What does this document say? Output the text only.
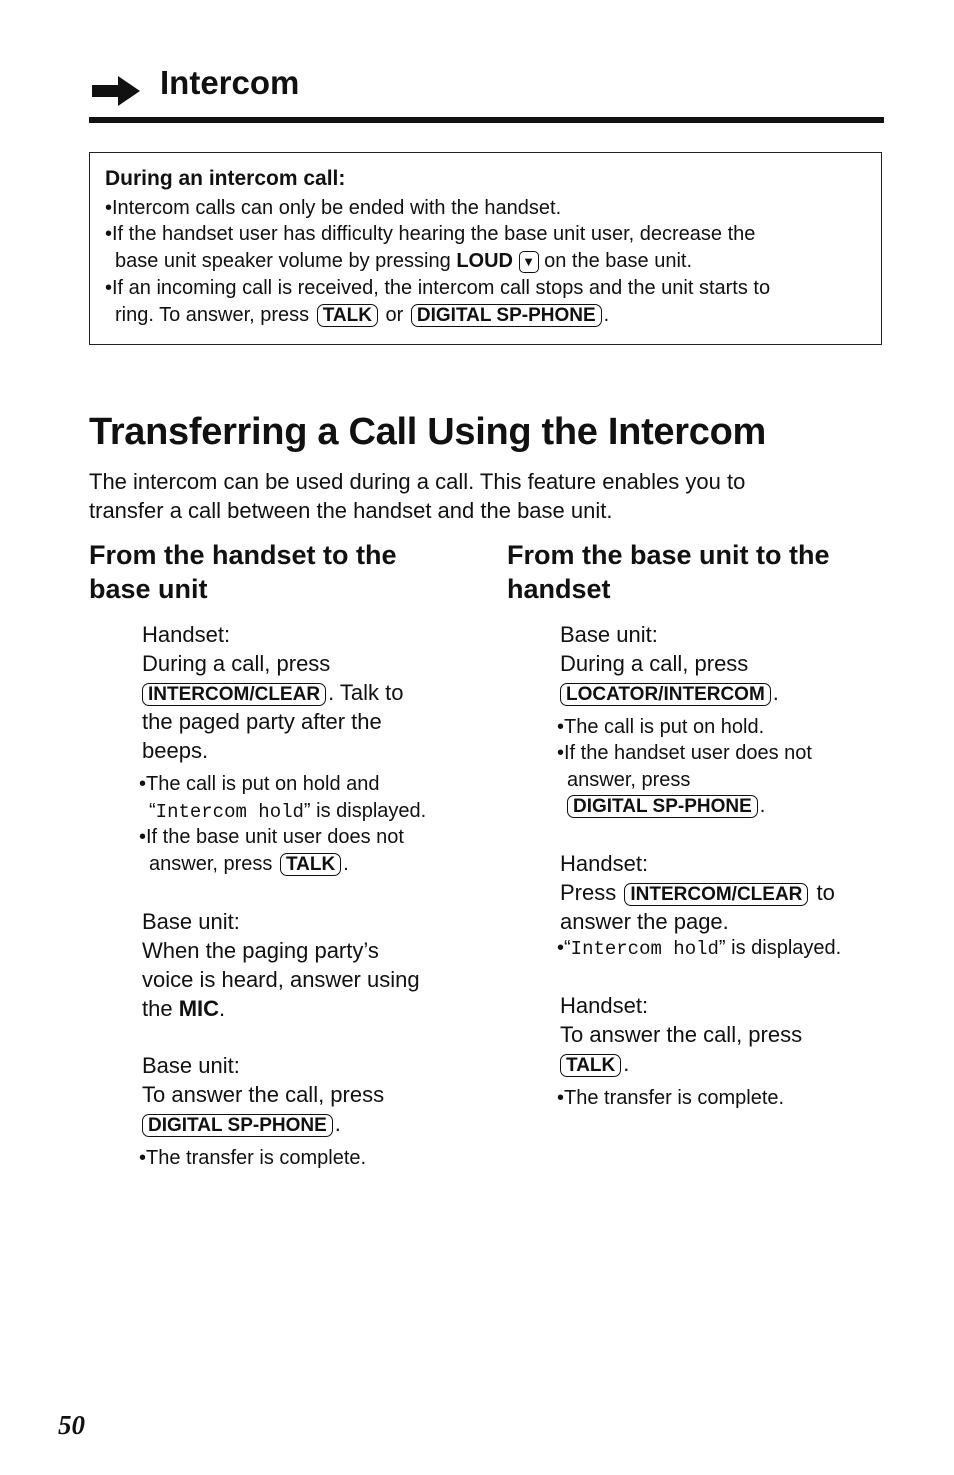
Intercom
During an intercom call:
•Intercom calls can only be ended with the handset.
•If the handset user has difficulty hearing the base unit user, decrease the
base unit speaker volume by pressing LOUD ▼ on the base unit.
•If an incoming call is received, the intercom call stops and the unit starts to
ring. To answer, press TALK or DIGITAL SP-PHONE .
Transferring a Call Using the Intercom
The intercom can be used during a call. This feature enables you to
transfer a call between the handset and the base unit.
From the handset to the
base unit
Handset:
During a call, press
INTERCOM/CLEAR . Talk to
the paged party after the
beeps.
•The call is put on hold and
“Intercom hold” is displayed.
•If the base unit user does not
answer, press TALK .
Base unit:
When the paging party’s
voice is heard, answer using
the MIC.
Base unit:
To answer the call, press
DIGITAL SP-PHONE .
•The transfer is complete.
From the base unit to the
handset
Base unit:
During a call, press
LOCATOR/INTERCOM .
•The call is put on hold.
•If the handset user does not
answer, press
DIGITAL SP-PHONE .
Handset:
Press INTERCOM/CLEAR to
answer the page.
•“Intercom hold” is displayed.
Handset:
To answer the call, press
TALK .
•The transfer is complete.
50
